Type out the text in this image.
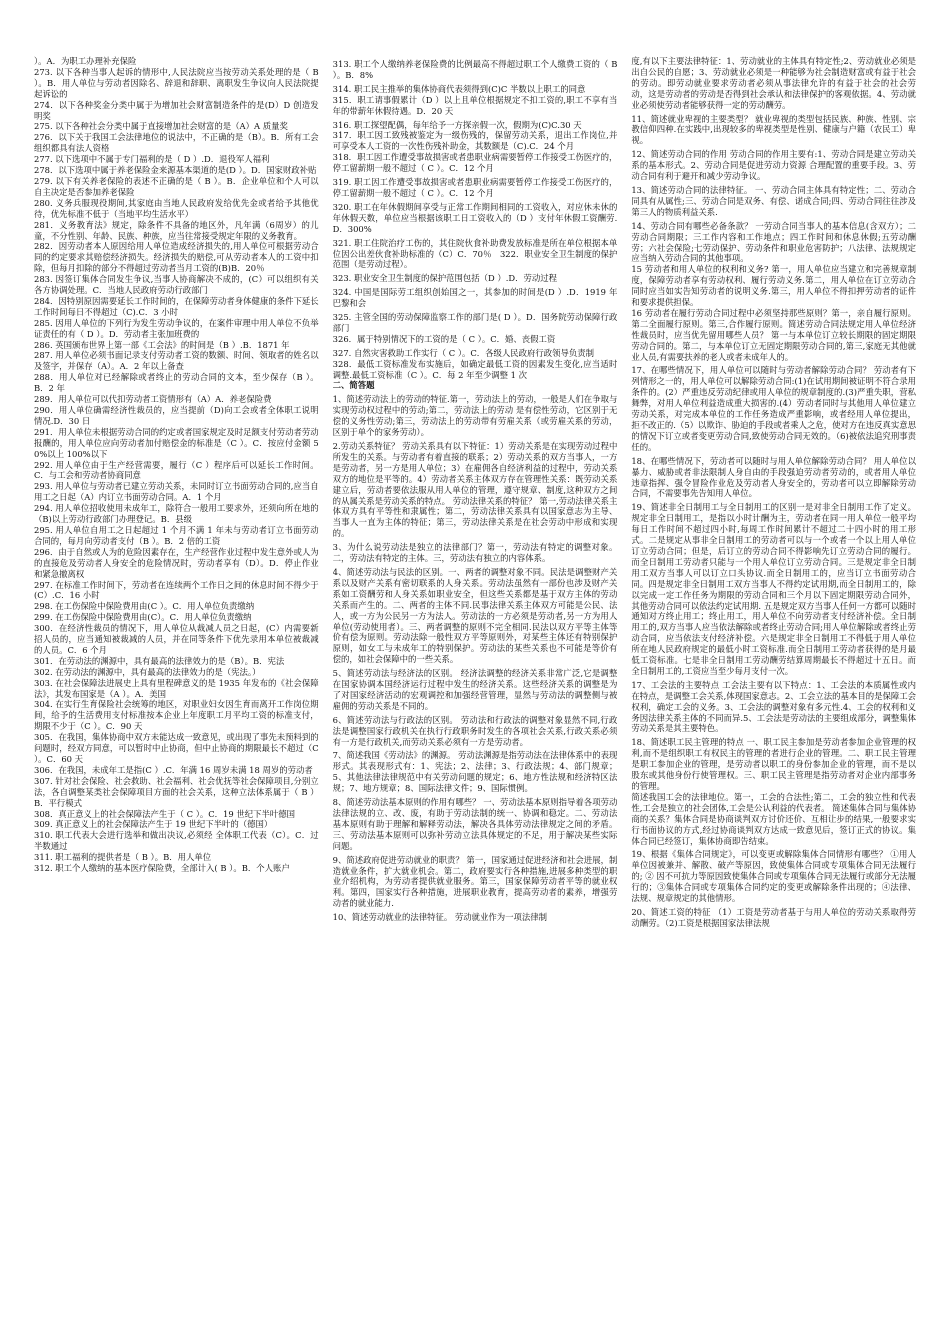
）。A．为职工办理补充保险

273. 以下各种当事人起诉的情形中,人民法院应当按劳动关系处理的是（ B ）。B．用人单位与劳动者因除名、辞退和辞职、离职发生争议向人民法院提起诉讼的

274．以下各种奖金分类中属于为增加社会财富制造条件的是(D）D 创造发明奖

275. 以下各种社会分类中属于直接增加社会财富的是（A）A 质量奖

276．以下关于我国工会法律地位的说法中，不正确的是（B）。B．所有工会组织都具有法人资格

277. 以下选项中不属于专门福利的是（ D ）.D．退役军人福利

278．以下选项中属于养老保险金来源基本渠道的是(D ）。D．国家财政补贴

279. 以下有关养老保险的表述不正确的是（ B ）。B．企业单位和个人可以自主决定是否参加养老保险

280. 义务兵服现役期间,其家庭由当地人民政府发给优先金或者给予其他优待，优先标准不低于（当地平均生活水平）

281．义务教育法》规定，除条件不具备的地区外，凡年满（6周岁）的儿童，不分性别、年龄、民族、种族，应当往常接受规定年限的义务教育。

282．因劳动者本人原因给用人单位造成经济损失的,用人单位可根据劳动合同的约定要求其赔偿经济损失。经济损失的赔偿,可从劳动者本人的工资中扣除，但每月扣除的部分不得超过劳动者当月工资的(B)B．20％

283. 因签订集体合同发生争议,当事人协商解决不成的，(C）可以组织有关各方协调处理。C．当地人民政府劳动行政部门

284．因特别原因需要延长工作时间的，在保障劳动者身体健康的条件下延长工作时间每日不得超过（C).C．3 小时

285. 因用人单位的下列行为发生劳动争议的，在案件审理中用人单位不负举证责任的有（ D ）。D．劳动者主张加班费的

286. 英国颁布世界上第一部《工会法》的时间是（B ）.B．1871 年

287. 用人单位必须书面记录支付劳动者工资的数额、时间、领取者的姓名以及签字，并保存（A）。A．2 年以上备查

288．用人单位对已经解除或者终止的劳动合同的文本，至少保存（B ）。B．2 年

289．用人单位可以代扣劳动者工资情形有（A）A．养老保险费

290．用人单位确需经济性裁员的，应当提前（D)向工会或者全体职工说明情况.D．30 日

291．用人单位未根据劳动合同的约定或者国家规定及时足额支付劳动者劳动报酬的，用人单位应向劳动者加付赔偿金的标准是（C ）。C．按应付金额 50%以上 100%以下

292. 用人单位由于生产经营需要，履行（C ）程序后可以延长工作时间。C．与工会和劳动者协商同意

293. 用人单位与劳动者已建立劳动关系，未同时订立书面劳动合同的,应当自用工之日起（A）内订立书面劳动合同。A．1 个月

294. 用人单位招收使用未成年工，除符合一般用工要求外，还须向所在地的（B)以上劳动行政部门办理登记。B．县级

295. 用人单位自用工之日起超过 1 个月不满 1 年未与劳动者订立书面劳动合同的，每月向劳动者支付（B ）。B．2 倍的工资

296．由于自然或人为的危险因素存在，生产经营作业过程中发生意外或人为的直接危及劳动者人身安全的危险情况时，劳动者享有（D）。D．停止作业和紧急撤离权

297. 在标准工作时间下，劳动者在连续两个工作日之间的休息时间不得少于(C）.C．16 小时

298. 在工伤保险中保险费用由(C ）。C．用人单位负责缴纳

299. 在工伤保险中保险费用由(C）。C．用人单位负责缴纳

300．在经济性裁员的情况下，用人单位从裁减人员之日起，(C）内需要新招人员的，应当通知被裁减的人员，并在同等条件下优先录用本单位被裁减的人员。C．6 个月

301．在劳动法的渊源中，具有最高的法律效力的是（B）。B．宪法

302. 在劳动法的渊源中，具有最高的法律效力的是（宪法。）

303. 在社会保障法进展史上具有里程碑意义的是 1935 年发布的《社会保障法》，其发布国家是（A ）。A．美国

304. 在实行生育保险社会统筹的地区，对职业妇女因生育而离开工作岗位期间，给予的生活费用支付标准按本企业上年度职工月平均工资的标准支付，期限不少于（C ）。C．90 天

305．在我国，集体协商中双方未能达成一致意见，或出现了事先未预料到的问题时，经双方同意，可以暂时中止协商，但中止协商的期限最长不超过（C ）。C．60 天

306．在我国，未成年工是指(C ）.C．年满 16 周岁未满 18 周岁的劳动者

307. 针对社会保险、社会救助、社会福利、社会优抚等社会保障项目,分别立法，各自调整某类社会保障项目方面的社会关系，这种立法体系属于（ B ）B．平行模式

308．真正意义上的社会保障法产生于（ C ）。C．19 世纪下半叶德国

309. 真正意义上的社会保障法产生于 19 世纪下半叶的（德国）

310. 职工代表大会进行选举和做出决议,必须经 全体职工代表（C）。C．过半数通过

311. 职工福利的提供者是（ B ）。B．用人单位

312. 职工个人缴纳的基本医疗保险费，全部计入( B ）。B．个人账户

313. 职工个人缴纳养老保险费的比例最高不得超过职工个人缴费工资的（ B ）。B．8%

314. 职工民主推举的集体协商代表须得到(C)C 半数以上职工的同意

315．职工请事假累计（D ）以上且单位根据规定不扣工资的,职工不享有当年的带薪年休假待遇。D．20 天

316. 职工探望配偶，每年给予一方探亲假一次，假期为(C)C.30 天

317．职工因工致残被鉴定为一级伤残的，保留劳动关系，退出工作岗位,并可享受本人工资的一次性伤残补助金，其数额是（C).C．24 个月

318．职工因工作遭受事故损害或者患职业病需要暂停工作接受工伤医疗的，停工留薪期一般不超过（ C ）。C．12 个月

319. 职工因工作遭受事故损害或者患职业病需要暂停工作接受工伤医疗的，停工留薪期一般不超过（ C ）。C．12 个月

320. 职工在年休假期间享受与正常工作期间相同的工资收入，对应休未休的年休假天数，单位应当根据该职工日工资收入的（D ）支付年休假工资酬劳.D．300%

321. 职工住院治疗工伤的，其住院伙食补助费发放标准是所在单位根据本单位因公出差伙食补助标准的（C）C．70％　322．职业安全卫生制度的保护范围（是劳动过程）。

323. 职业安全卫生制度的保护范围包括（D ）.D．劳动过程

324. 中国是国际劳工组织创始国之一，其参加的时间是(D ）.D．1919 年巴黎和会

325. 主管全国的劳动保障监察工作的部门是( D ）。D．国务院劳动保障行政部门

326．属于特别情况下的工资的是（ C ）。C．婚、丧假工资

327. 自然灾害救助工作实行（ C ）。C．各级人民政府行政领导负责制

328．最低工资标准发布实施后，如确定最低工资的因素发生变化,应当适时调整.最低工资标准（C ）。C．每 2 年至少调整 1 次

二、简答题

1、简述劳动法上的劳动的特征.第一，劳动法上的劳动，一般是人们在争取与实现劳动权过程中的劳动;第二，劳动法上的劳动 是有偿性劳动，它区别于无偿的义务性劳动;第三，劳动法上的劳动带有劳雇关系（或劳雇关系的劳动，区别于单个的家务劳动）。

2.劳动关系特征？ 劳动关系具有以下特征：1）劳动关系是在实现劳动过程中所发生的关系。与劳动者有着直接的联系；2）劳动关系的双方当事人，一方是劳动者，另一方是用人单位；3）在雇佣各自经济利益的过程中，劳动关系双方的地位是平等的。4）劳动者关系主体双方存在管理性关系：既劳动关系建立后，劳动者要依法服从用人单位的管理，遵守规章、制度,这种双方之间的从属关系是劳动关系的特点。 劳动法律关系的特征？ 第一,劳动法律关系主体双方具有平等性和隶属性；第二，劳动法律关系具有以国家意志为主导、当事人一直为主体的特征；第三，劳动法律关系是在社会劳动中形成和实现的。

3、为什么说劳动法是独立的法律部门？第一，劳动法有特定的调整对象。二，劳动法有特定的主体。三，劳动法有独立的内容体系。

4、简述劳动法与民法的区别。一、两者的调整对象不同。民法是调整财产关系以及财产关系有密切联系的人身关系。劳动法虽然有一部份也涉及财产关系如工资酬劳和人身关系如职业安全，但这些关系都是基于双方主体的劳动关系而产生的。二、两者的主体不同.民事法律关系主体双方可能是公民、法人，或一方为公民另一方为法人。劳动法的一方必须是劳动者,另一方为用人单位(劳动使用者）。三、两者调整的原则不完全相同.民法以双方平等主体等价有偿为原则。劳动法除一般性双方平等原则外，对某些主体还有特别保护原则，如女工与未成年工的特别保护。劳动法的某些关系也不可能是等价有偿的，如社会保障中的一些关系。

5、简述劳动法与经济法的区别。 经济法调整的经济关系非常广泛,它是调整在国家协调本国经济运行过程中发生的经济关系。这些经济关系的调整是为了对国家经济活动的宏观调控和加强经营管理，显然与劳动法的调整侧与被雇佣的劳动关系是不同的。

6、简述劳动法与行政法的区别。 劳动法和行政法的调整对象显然不同,行政法是调整国家行政机关在执行行政职务时发生的各项社会关系,行政关系必须有一方是行政机关,而劳动关系必须有一方是劳动者。

7、简述我国《劳动法》的渊源。 劳动法渊源是指劳动法在法律体系中的表现形式。其表现形式有：1、宪法；2、法律；3、行政法规；4、部门规章；5、其他法律法律规范中有关劳动问题的规定；6、地方性法规和经济特区法规；7、地方规章；8、国际法律文件；9、国际惯例。

8、简述劳动法基本原则的作用有哪些？ 一、劳动法基本原则指导着各项劳动法律法规的立、改、废，有助于劳动法制的统一、协调和稳定。二、劳动法基本原则有助于理解和解释劳动法，解决各具体劳动法律规定之间的矛盾。三、劳动法基本原则可以弥补劳动立法具体规定的不足，用于解决某些实际问题。

9、简述政府促进劳动就业的职责？ 第一，国家通过促进经济和社会进展，制造就业条件，扩大就业机会。第二，政府要实行各种措施,进展多种类型的职业介绍机构，为劳动者提供就业服务。第三，国家保障劳动者平等的就业权利。第四，国家实行各种措施，进展职业教育，提高劳动者的素养，增强劳动者的就业能力.

10、简述劳动就业的法律特征。 劳动就业作为一项法律制

度,有以下主要法律特征：1、劳动就业的主体具有特定性;2、劳动就业必须是出自公民的自愿；3、劳动就业必须是一种能够为社会制造财富或有益于社会的劳动。即劳动就业要求劳动者必须从事法律允许的有益于社会的社会劳动，这是劳动者的劳动是否得到社会承认和法律保护的客观依据。4、劳动就业必须使劳动者能够获得一定的劳动酬劳。

11、简述就业卑视的主要类型？ 就业卑视的类型包括民族、种族、性别、宗教信仰四种.在实践中,出现较多的卑视类型是性别、健康与户籍（农民工）卑视。

12、简述劳动合同的作用 劳动合同的作用主要有:1、劳动合同是建立劳动关系的基本形式。2、劳动合同是促进劳动力资源 合理配置的重要手段。3、劳动合同有利于避开和减少劳动争议。

13、简述劳动合同的法律特征。 一、劳动合同主体具有特定性；二、劳动合同具有从属性;三、劳动合同是双务、有偿、诺成合同;四、劳动合同往往涉及第三人的物质利益关系.

14、劳动合同有哪些必备条款？ 一劳动合同当事人的基本信息(含双方）；二劳动合同期限；三工作内容和工作地点；四工作时间和休息休假;五劳动酬劳；六社会保险;七劳动保护、劳动条件和职业危害防护；八法律、法规规定应当纳入劳动合同的其他事项。

15 劳动者和用人单位的权利和义务? 第一，用人单位应当建立和完善规章制度，保障劳动者享有劳动权利、履行劳动义务.第二，用人单位在订立劳动合同时应当如实告知劳动者的说明义务.第三，用人单位不得扣押劳动者的证件和要求提供担保。

16 劳动者在履行劳动合同过程中必须坚持那些原则？第一，亲自履行原则。第二全面履行原则。第三,合作履行原则。简述劳动合同法规定用人单位经济性裁员时，应当优先留用哪些人员？ 第一与本单位订立较长期限的固定期限劳动合同的。第二，与本单位订立无固定期限劳动合同的,第三,家庭无其他就业人员,有需要扶养的老人或者未成年人的。

17、在哪些情况下，用人单位可以随时与劳动者解除劳动合同？ 劳动者有下列情形之一的，用人单位可以解除劳动合同:(1)在试用期间被证明不符合录用条件的。(2）严重违反劳动纪律或用人单位的规章制度的.(3)严重失职，营私舞弊，对用人单位利益造成重大损害的.(4）劳动者同时与其他用人单位建立劳动关系，对完成本单位的工作任务造成严重影响，或者经用人单位提出，拒不改正的.（5）以欺诈、胁迫的手段或者乘人之危，使对方在违反真实意思的情况下订立或者变更劳动合同,致使劳动合同无效的。（6)被依法追究刑事责任的。

18、在哪些情况下，劳动者可以随时与用人单位解除劳动合同？ 用人单位以暴力、威胁或者非法限制人身自由的手段强迫劳动者劳动的，或者用人单位违章指挥、强令冒险作业危及劳动者人身安全的，劳动者可以立即解除劳动合同，不需要事先告知用人单位。

19、简述非全日制用工与全日制用工的区别一是对非全日制用工作了定义。规定非全日制用工，是指以小时计酬为主，劳动者在同一用人单位一般平均每日工作时间不超过四小时,每周工作时间累计不超过二十四小时的用工形式。二是规定从事非全日制用工的劳动者可以与一个或者一个以上用人单位订立劳动合同；但是，后订立的劳动合同不得影响先订立劳动合同的履行。而全日制用工劳动者只能与一个用人单位订立劳动合同。三是规定非全日制用工双方当事人可以订立口头协议.而全日制用工的，应当订立书面劳动合同。四是规定非全日制用工双方当事人不得约定试用期,而全日制用工的，除以完成一定工作任务为期限的劳动合同和三个月以下固定期限劳动合同外，其他劳动合同可以依法约定试用期. 五是规定双方当事人任何一方都可以随时通知对方终止用工；终止用工，用人单位不向劳动者支付经济补偿。全日制用工的,双方当事人应当依法解除或者终止劳动合同;用人单位解除或者终止劳动合同，应当依法支付经济补偿。六是规定非全日制用工不得低于用人单位所在地人民政府规定的最低小时工资标准.而全日制用工劳动者获得的是月最低工资标准。七是非全日制用工劳动酬劳结算周期最长不得超过十五日。而全日制用工的,工资应当至少每月支付一次。

17、工会法的主要特点 工会法主要有以下特点：1、工会法的本质属性或内在特点，是调整工会关系,体现国家意志。2、工会立法的基本目的是保障工会权利，确定工会的义务。3、工会法的调整对象有多元性.4、工会的权利和义务因法律关系主体的不同而异.5、工会法是劳动法的主要组成部分，调整集体劳动关系是其主要特色。

18、简述职工民主管理的特点 一、职工民主参加是劳动者参加企业管理的权利,而不是组织职工有权民主的管理的者进行企业的管理。二、职工民主管理是职工参加企业的管理，是劳动者以职工的身份参加企业的管理，而不是以股东或其他身份行使管理权。三、职工民主管理是指劳动者对企业内部事务的管理。

简述我国工会的法律地位。第一，工会的合法性;第二，工会的独立性和代表性,工会是独立的社会团体,工会是公认利益的代表者。 简述集体合同与集体协商的关系？集体合同是协商谈判双方讨价还价、互相让步的结果,一般要求实行书面协议的方式,经过协商谈判双方达成一致意见后，签订正式的协议。集体合同已经签订，集体协商即告结束。

19、根据《集体合同规定》，可以变更或解除集体合同情形有哪些？ ①用人单位因被兼并、解散、破产等原因，致使集体合同或专项集体合同无法履行的; ② 因不可抗力等原因致使集体合同或专项集体合同无法履行或部分无法履行的；③集体合同或专项集体合同约定的变更或解除条件出现的；④法律、法规、规章规定的其他情形。

20、简述工资的特征 （1）工资是劳动者基于与用人单位的劳动关系取得劳动酬劳。（2)工资是根据国家法律法规
